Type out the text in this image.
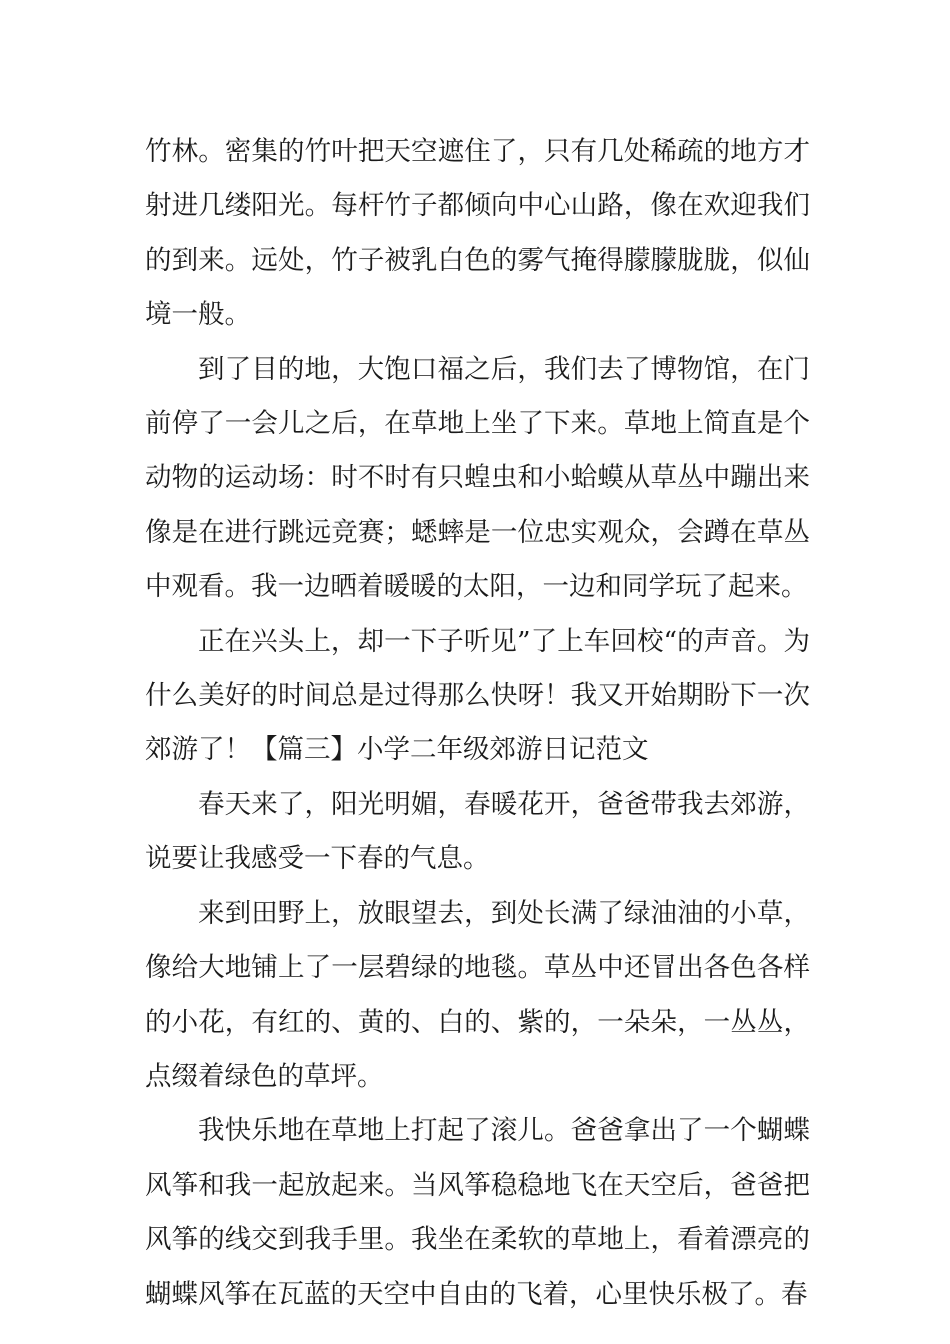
竹林。密集的竹叶把天空遮住了，只有几处稀疏的地方才射进几缕阳光。每杆竹子都倾向中心山路，像在欢迎我们的到来。远处，竹子被乳白色的雾气掩得朦朦胧胧，似仙境一般。

到了目的地，大饱口福之后，我们去了博物馆，在门前停了一会儿之后，在草地上坐了下来。草地上简直是个动物的运动场：时不时有只蝗虫和小蛤蟆从草丛中蹦出来像是在进行跳远竞赛；蟋蟀是一位忠实观众，会蹲在草丛中观看。我一边晒着暖暖的太阳，一边和同学玩了起来。

正在兴头上，却一下子听见”了上车回校“的声音。为什么美好的时间总是过得那么快呀！我又开始期盼下一次郊游了！【篇三】小学二年级郊游日记范文

春天来了，阳光明媚，春暖花开，爸爸带我去郊游，说要让我感受一下春的气息。

来到田野上，放眼望去，到处长满了绿油油的小草，像给大地铺上了一层碧绿的地毯。草丛中还冒出各色各样的小花，有红的、黄的、白的、紫的，一朵朵，一丛丛，点缀着绿色的草坪。

我快乐地在草地上打起了滚儿。爸爸拿出了一个蝴蝶风筝和我一起放起来。当风筝稳稳地飞在天空后，爸爸把风筝的线交到我手里。我坐在柔软的草地上，看着漂亮的蝴蝶风筝在瓦蓝的天空中自由的飞着，心里快乐极了。春
